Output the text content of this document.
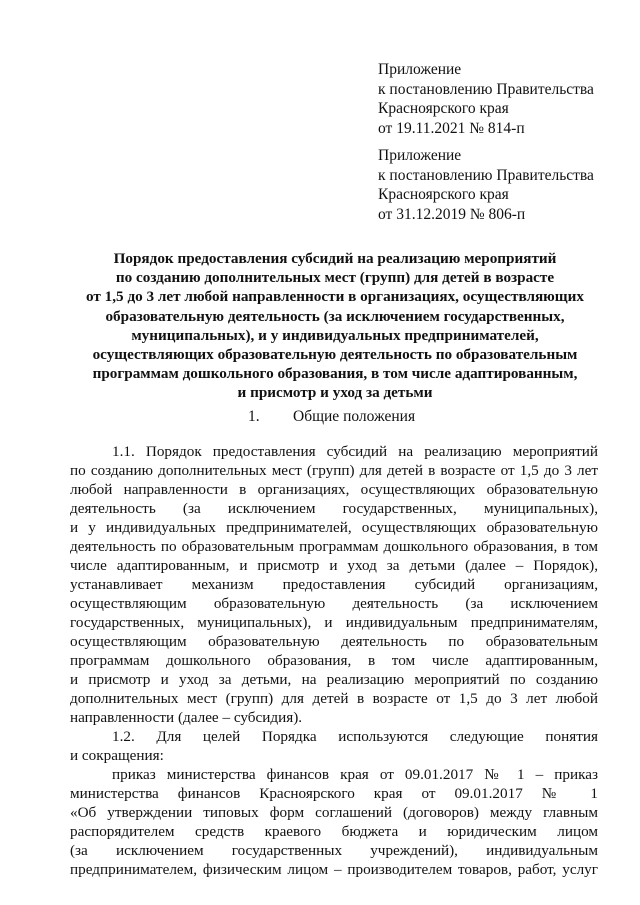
Приложение
к постановлению Правительства
Красноярского края
от 19.11.2021 № 814-п
Приложение
к постановлению Правительства
Красноярского края
от 31.12.2019 № 806-п
Порядок предоставления субсидий на реализацию мероприятий
по созданию дополнительных мест (групп) для детей в возрасте
от 1,5 до 3 лет любой направленности в организациях, осуществляющих
образовательную деятельность (за исключением государственных,
муниципальных), и у индивидуальных предпринимателей,
осуществляющих образовательную деятельность по образовательным
программам дошкольного образования, в том числе адаптированным,
и присмотр и уход за детьми
1. Общие положения
1.1. Порядок предоставления субсидий на реализацию мероприятий
по созданию дополнительных мест (групп) для детей в возрасте от 1,5 до 3 лет
любой направленности в организациях, осуществляющих образовательную
деятельность (за исключением государственных, муниципальных),
и у индивидуальных предпринимателей, осуществляющих образовательную
деятельность по образовательным программам дошкольного образования, в том
числе адаптированным, и присмотр и уход за детьми (далее – Порядок),
устанавливает механизм предоставления субсидий организациям,
осуществляющим образовательную деятельность (за исключением
государственных, муниципальных), и индивидуальным предпринимателям,
осуществляющим образовательную деятельность по образовательным
программам дошкольного образования, в том числе адаптированным,
и присмотр и уход за детьми, на реализацию мероприятий по созданию
дополнительных мест (групп) для детей в возрасте от 1,5 до 3 лет любой
направленности (далее – субсидия).
1.2. Для целей Порядка используются следующие понятия
и сокращения:
приказ министерства финансов края от 09.01.2017 № 1 – приказ
министерства финансов Красноярского края от 09.01.2017 № 1
«Об утверждении типовых форм соглашений (договоров) между главным
распорядителем средств краевого бюджета и юридическим лицом
(за исключением государственных учреждений), индивидуальным
предпринимателем, физическим лицом – производителем товаров, работ, услуг
